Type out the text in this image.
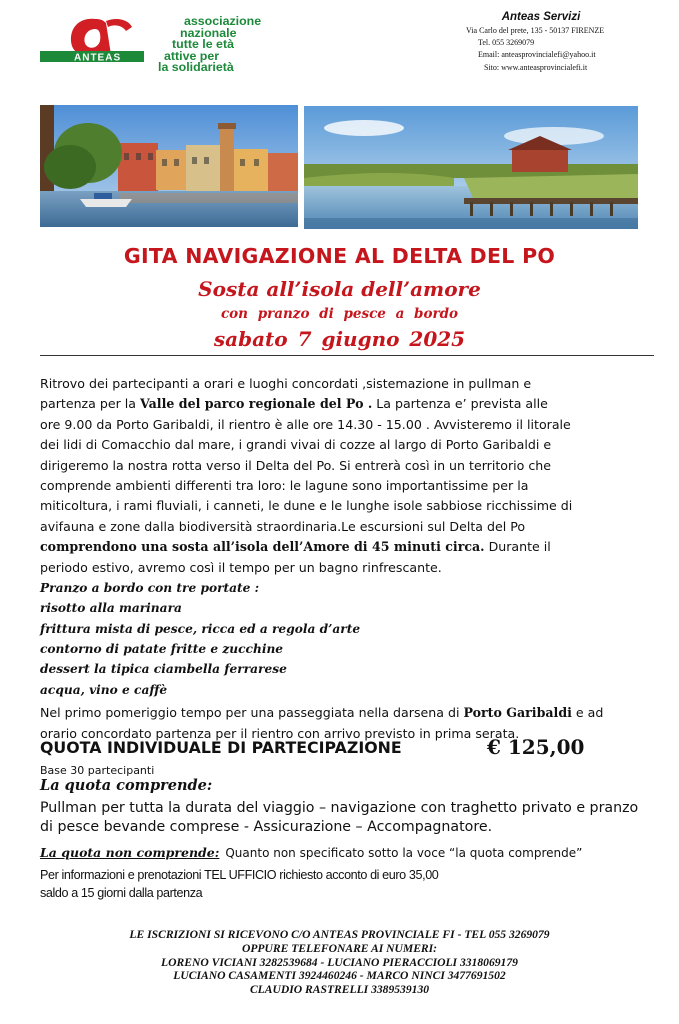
ANTEAS
associazione
nazionale
tutte le età
attive per
la solidarietà
Anteas Servizi
Via Carlo del prete, 135 - 50137 FIRENZE
Tel. 055 3269079
Email: anteasprovincialefi@yahoo.it
Sito: www.anteasprovincialefi.it
GITA NAVIGAZIONE AL DELTA DEL PO
Sosta all’isola dell’amore
con pranzo di pesce a bordo
sabato 7 giugno 2025
Ritrovo dei partecipanti a orari e luoghi concordati ,sistemazione in pullman e
partenza per la Valle del parco regionale del Po . La partenza e’ prevista alle
ore 9.00 da Porto Garibaldi, il rientro è alle ore 14.30 - 15.00 . Avvisteremo il litorale
dei lidi di Comacchio dal mare, i grandi vivai di cozze al largo di Porto Garibaldi e
dirigeremo la nostra rotta verso il Delta del Po. Si entrerà così in un territorio che
comprende ambienti differenti tra loro: le lagune sono importantissime per la
miticoltura, i rami fluviali, i canneti, le dune e le lunghe isole sabbiose ricchissime di
avifauna e zone dalla biodiversità straordinaria.Le escursioni sul Delta del Po
comprendono una sosta all’isola dell’Amore di 45 minuti circa. Durante il
periodo estivo, avremo così il tempo per un bagno rinfrescante.
Pranzo a bordo con tre portate :
risotto alla marinara
frittura mista di pesce, ricca ed a regola d’arte
contorno di patate fritte e zucchine
dessert la tipica ciambella ferrarese
acqua, vino e caffè
Nel primo pomeriggio tempo per una passeggiata nella darsena di Porto Garibaldi e ad
orario concordato partenza per il rientro con arrivo previsto in prima serata.
QUOTA INDIVIDUALE DI PARTECIPAZIONE	€ 125,00
Base 30 partecipanti
La quota comprende:
Pullman per tutta la durata del viaggio – navigazione con traghetto privato e pranzo di pesce bevande comprese - Assicurazione – Accompagnatore.
La quota non comprende: Quanto non specificato sotto la voce “la quota comprende”
Per informazioni e prenotazioni TEL UFFICIO richiesto acconto di euro 35,00
saldo a 15 giorni dalla partenza
LE ISCRIZIONI SI RICEVONO C/O ANTEAS PROVINCIALE FI - TEL 055 3269079
OPPURE TELEFONARE AI NUMERI:
LORENO VICIANI 3282539684 - LUCIANO PIERACCIOLI 3318069179
LUCIANO CASAMENTI 3924460246 - MARCO NINCI 3477691502
CLAUDIO RASTRELLI 3389539130
